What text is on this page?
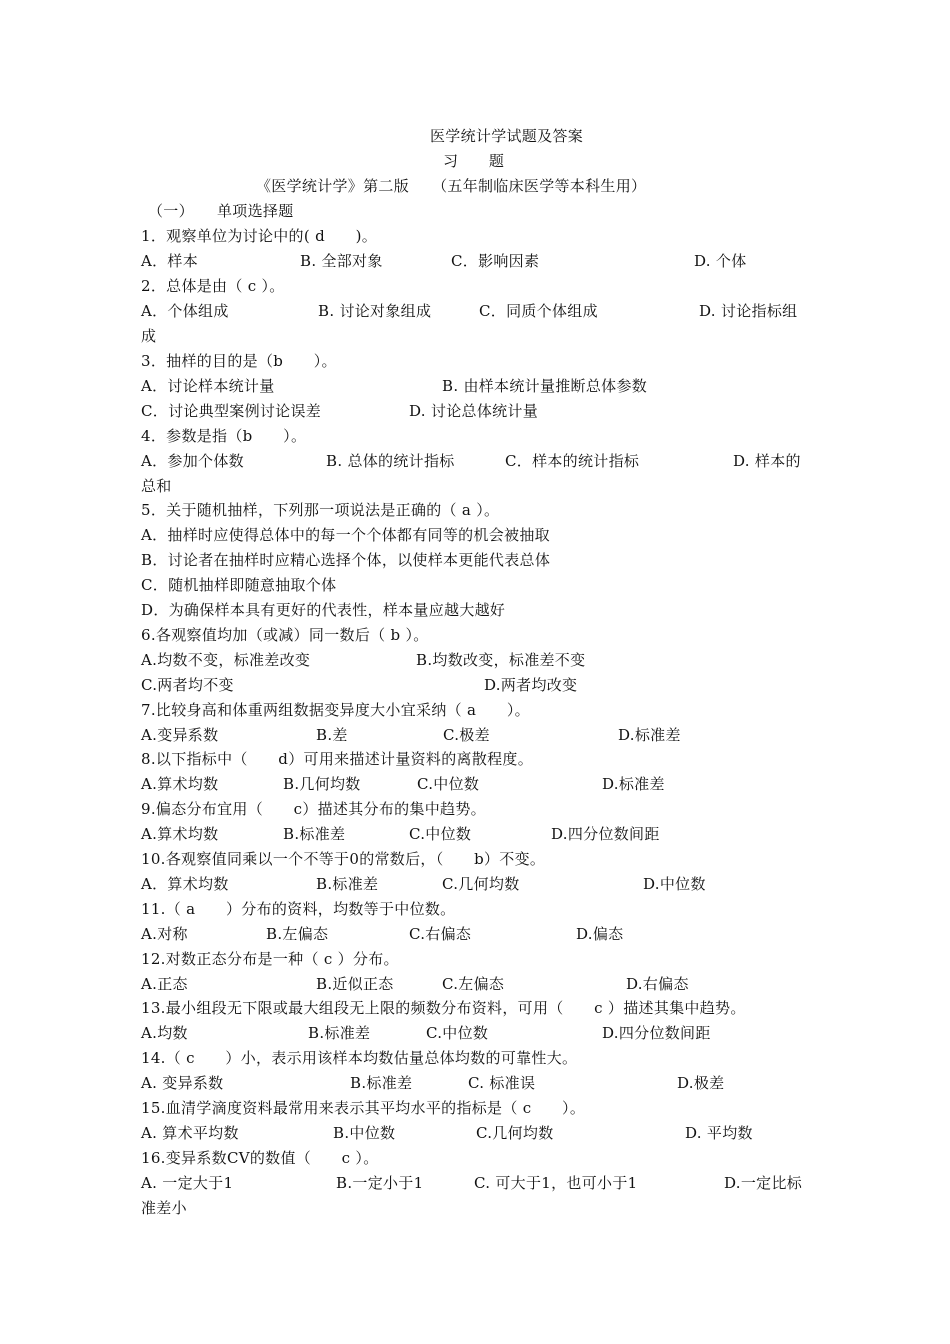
医学统计学试题及答案
习　　题
《医学统计学》第二版　　（五年制临床医学等本科生用）
（一）　　单项选择题
1．观察单位为讨论中的( d　　)。
A．样本	B. 全部对象	C．影响因素	D. 个体
2．总体是由（ c ）。
A．个体组成	B. 讨论对象组成	C．同质个体组成	D. 讨论指标组
成
3．抽样的目的是（b　　）。
A．讨论样本统计量	B. 由样本统计量推断总体参数
C．讨论典型案例讨论误差	D. 讨论总体统计量
4．参数是指（b　　）。
A．参加个体数	B. 总体的统计指标	C．样本的统计指标	D. 样本的
总和
5．关于随机抽样，下列那一项说法是正确的（ a ）。
A．抽样时应使得总体中的每一个个体都有同等的机会被抽取
B．讨论者在抽样时应精心选择个体，以使样本更能代表总体
C．随机抽样即随意抽取个体
D．为确保样本具有更好的代表性，样本量应越大越好
6.各观察值均加（或减）同一数后（ b ）。
A.均数不变，标准差改变	B.均数改变，标准差不变
C.两者均不变	D.两者均改变
7.比较身高和体重两组数据变异度大小宜采纳（ a　　）。
A.变异系数	B.差	C.极差	D.标准差
8.以下指标中（　　d）可用来描述计量资料的离散程度。
A.算术均数	B.几何均数	C.中位数	D.标准差
9.偏态分布宜用（　　c）描述其分布的集中趋势。
A.算术均数	B.标准差	C.中位数	D.四分位数间距
10.各观察值同乘以一个不等于0的常数后，（　　b）不变。
A．算术均数	B.标准差	C.几何均数	D.中位数
11.（ a　　）分布的资料，均数等于中位数。
A.对称	B.左偏态	C.右偏态	D.偏态
12.对数正态分布是一种（ c ）分布。
A.正态	B.近似正态	C.左偏态	D.右偏态
13.最小组段无下限或最大组段无上限的频数分布资料，可用（　　c ）描述其集中趋势。
A.均数	B.标准差	C.中位数	D.四分位数间距
14.（ c　　）小，表示用该样本均数估量总体均数的可靠性大。
A. 变异系数	B.标准差	C. 标准误	D.极差
15.血清学滴度资料最常用来表示其平均水平的指标是（ c　　）。
A. 算术平均数	B.中位数	C.几何均数	D. 平均数
16.变异系数CV的数值（　　c ）。
A. 一定大于1	B.一定小于1	C. 可大于1，也可小于1	D.一定比标
准差小
